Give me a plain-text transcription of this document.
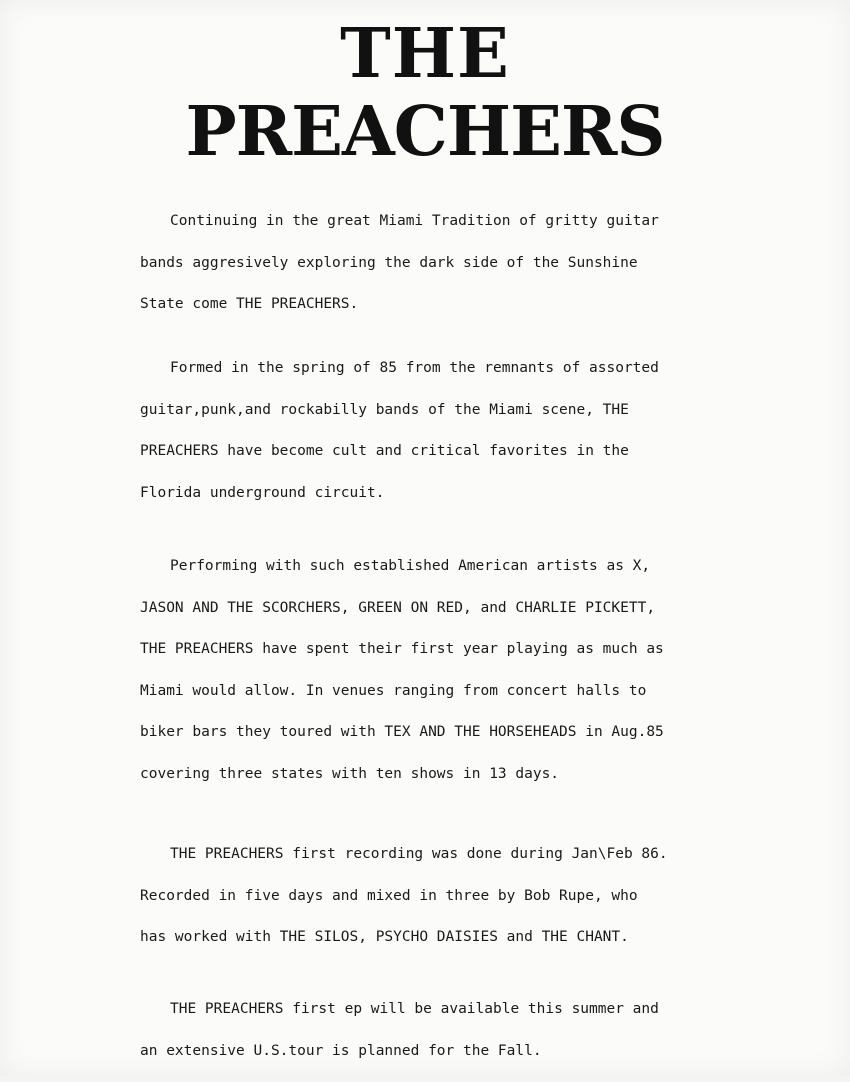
THE
PREACHERS
Continuing in the great Miami Tradition of gritty guitar
bands aggresively exploring the dark side of the Sunshine
State come THE PREACHERS.
Formed in the spring of 85 from the remnants of assorted
guitar,punk,and rockabilly bands of the Miami scene, THE
PREACHERS have become cult and critical favorites in the
Florida underground circuit.
Performing with such established American artists as X,
JASON AND THE SCORCHERS, GREEN ON RED, and CHARLIE PICKETT,
THE PREACHERS have spent their first year playing as much as
Miami would allow. In venues ranging from concert halls to
biker bars they toured with TEX AND THE HORSEHEADS in Aug.85
covering three states with ten shows in 13 days.
THE PREACHERS first recording was done during Jan\Feb 86.
Recorded in five days and mixed in three by Bob Rupe, who
has worked with THE SILOS, PSYCHO DAISIES and THE CHANT.
THE PREACHERS first ep will be available this summer and
an extensive U.S.tour is planned for the Fall.
